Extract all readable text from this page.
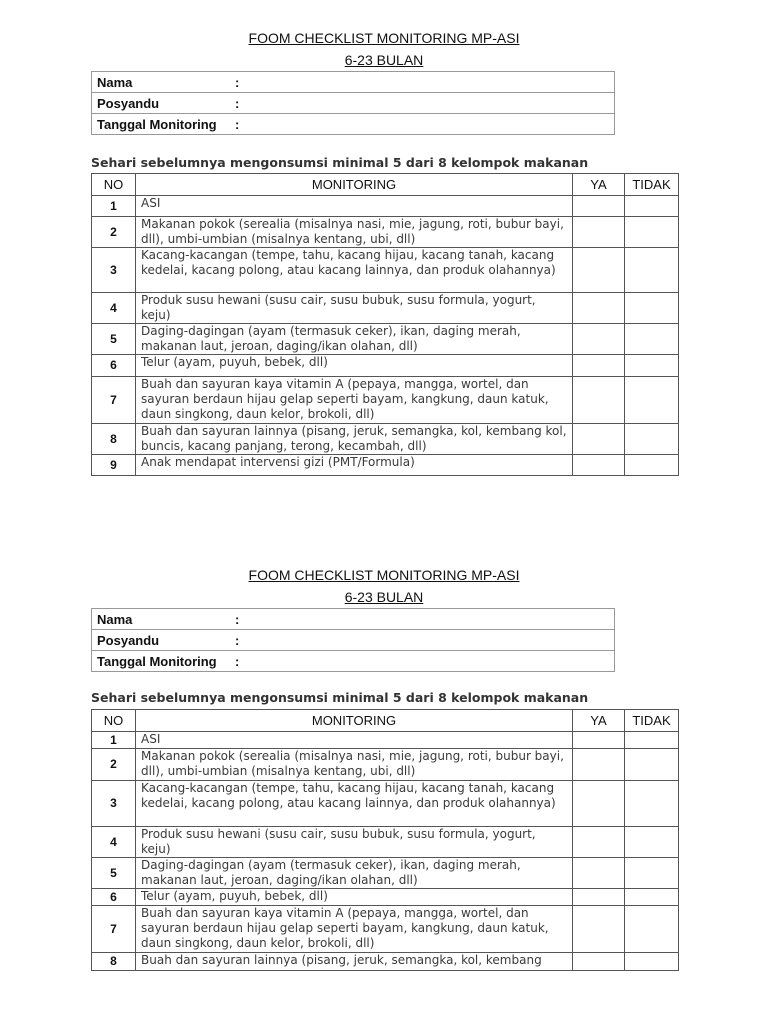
FOOM CHECKLIST MONITORING MP-ASI
6-23 BULAN
Nama	:
Posyandu	:
Tanggal Monitoring	:
Sehari sebelumnya mengonsumsi minimal 5 dari 8 kelompok makanan
NO	MONITORING	YA	TIDAK
1	ASI		
2	Makanan pokok (serealia (misalnya nasi, mie, jagung, roti, bubur bayi, dll), umbi-umbian (misalnya kentang, ubi, dll)		
3	Kacang-kacangan (tempe, tahu, kacang hijau, kacang tanah, kacang kedelai, kacang polong, atau kacang lainnya, dan produk olahannya)		
4	Produk susu hewani (susu cair, susu bubuk, susu formula, yogurt, keju)		
5	Daging-dagingan (ayam (termasuk ceker), ikan, daging merah, makanan laut, jeroan, daging/ikan olahan, dll)		
6	Telur (ayam, puyuh, bebek, dll)		
7	Buah dan sayuran kaya vitamin A (pepaya, mangga, wortel, dan sayuran berdaun hijau gelap seperti bayam, kangkung, daun katuk, daun singkong, daun kelor, brokoli, dll)		
8	Buah dan sayuran lainnya (pisang, jeruk, semangka, kol, kembang kol, buncis, kacang panjang, terong, kecambah, dll)		
9	Anak mendapat intervensi gizi (PMT/Formula)		
FOOM CHECKLIST MONITORING MP-ASI
6-23 BULAN
Nama	:
Posyandu	:
Tanggal Monitoring	:
Sehari sebelumnya mengonsumsi minimal 5 dari 8 kelompok makanan
NO	MONITORING	YA	TIDAK
1	ASI		
2	Makanan pokok (serealia (misalnya nasi, mie, jagung, roti, bubur bayi, dll), umbi-umbian (misalnya kentang, ubi, dll)		
3	Kacang-kacangan (tempe, tahu, kacang hijau, kacang tanah, kacang kedelai, kacang polong, atau kacang lainnya, dan produk olahannya)		
4	Produk susu hewani (susu cair, susu bubuk, susu formula, yogurt, keju)		
5	Daging-dagingan (ayam (termasuk ceker), ikan, daging merah, makanan laut, jeroan, daging/ikan olahan, dll)		
6	Telur (ayam, puyuh, bebek, dll)		
7	Buah dan sayuran kaya vitamin A (pepaya, mangga, wortel, dan sayuran berdaun hijau gelap seperti bayam, kangkung, daun katuk, daun singkong, daun kelor, brokoli, dll)		
8	Buah dan sayuran lainnya (pisang, jeruk, semangka, kol, kembang		
